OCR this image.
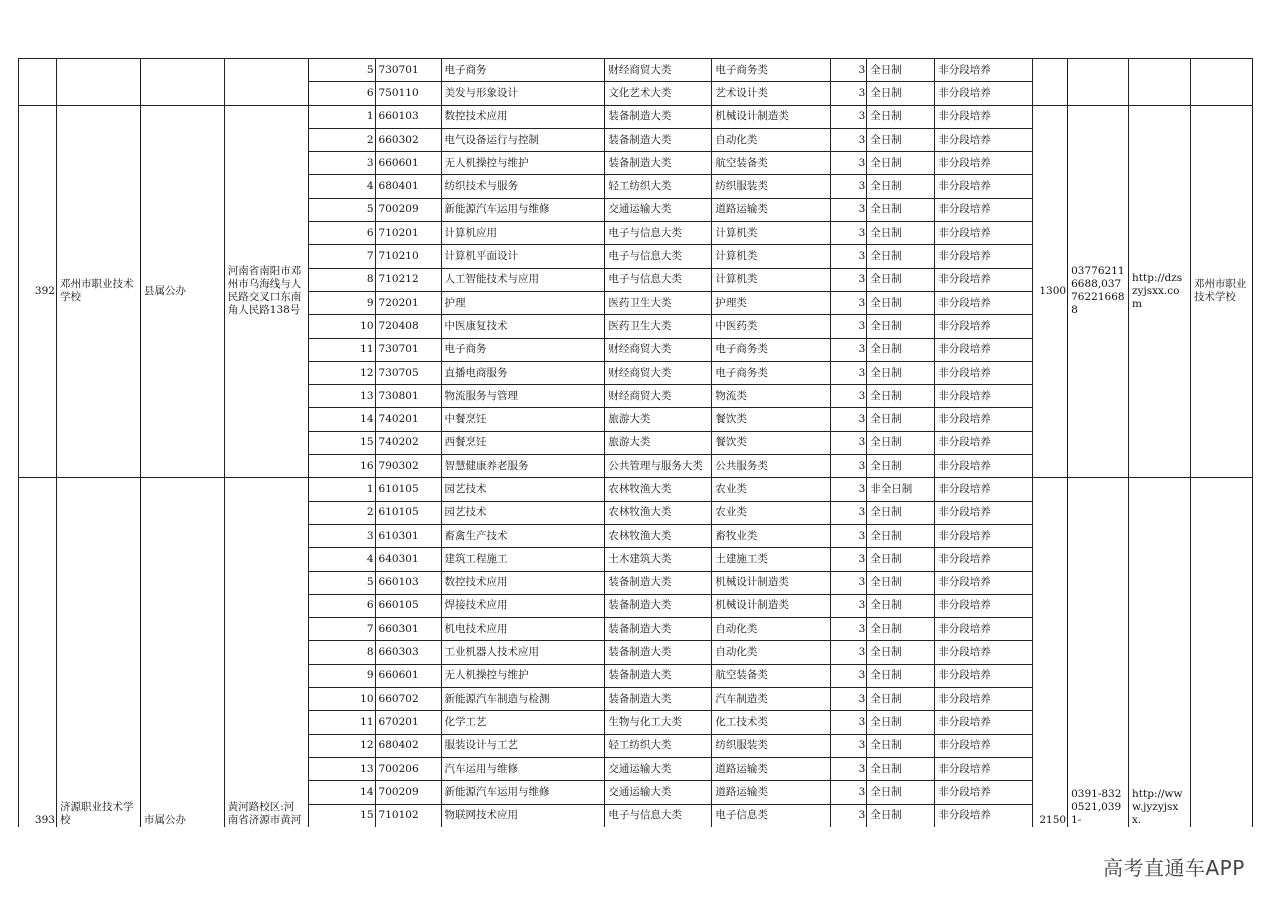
				5	730701	电子商务	财经商贸大类	电子商务类	3	全日制	非分段培养				
				6	750110	美发与形象设计	文化艺术大类	艺术设计类	3	全日制	非分段培养				
392	邓州市职业技术学校	县属公办	河南省南阳市邓州市乌海线与人民路交叉口东南角人民路138号	1	660103	数控技术应用	装备制造大类	机械设计制造类	3	全日制	非分段培养	1300	037762116688,037762216688	http://dzszyjsxx.com	邓州市职业技术学校
				2	660302	电气设备运行与控制	装备制造大类	自动化类	3	全日制	非分段培养				
				3	660601	无人机操控与维护	装备制造大类	航空装备类	3	全日制	非分段培养				
				4	680401	纺织技术与服务	轻工纺织大类	纺织服装类	3	全日制	非分段培养				
				5	700209	新能源汽车运用与维修	交通运输大类	道路运输类	3	全日制	非分段培养				
				6	710201	计算机应用	电子与信息大类	计算机类	3	全日制	非分段培养				
				7	710210	计算机平面设计	电子与信息大类	计算机类	3	全日制	非分段培养				
				8	710212	人工智能技术与应用	电子与信息大类	计算机类	3	全日制	非分段培养				
				9	720201	护理	医药卫生大类	护理类	3	全日制	非分段培养				
				10	720408	中医康复技术	医药卫生大类	中医药类	3	全日制	非分段培养				
				11	730701	电子商务	财经商贸大类	电子商务类	3	全日制	非分段培养				
				12	730705	直播电商服务	财经商贸大类	电子商务类	3	全日制	非分段培养				
				13	730801	物流服务与管理	财经商贸大类	物流类	3	全日制	非分段培养				
				14	740201	中餐烹饪	旅游大类	餐饮类	3	全日制	非分段培养				
				15	740202	西餐烹饪	旅游大类	餐饮类	3	全日制	非分段培养				
				16	790302	智慧健康养老服务	公共管理与服务大类	公共服务类	3	全日制	非分段培养				
393	济源职业技术学校	市属公办	黄河路校区:河南省济源市黄河	1	610105	园艺技术	农林牧渔大类	农业类	3	非全日制	非分段培养	2150	0391-8320521,0391-	http://www.jyzyjsxx.	
				2	610105	园艺技术	农林牧渔大类	农业类	3	全日制	非分段培养				
				3	610301	畜禽生产技术	农林牧渔大类	畜牧业类	3	全日制	非分段培养				
				4	640301	建筑工程施工	土木建筑大类	土建施工类	3	全日制	非分段培养				
				5	660103	数控技术应用	装备制造大类	机械设计制造类	3	全日制	非分段培养				
				6	660105	焊接技术应用	装备制造大类	机械设计制造类	3	全日制	非分段培养				
				7	660301	机电技术应用	装备制造大类	自动化类	3	全日制	非分段培养				
				8	660303	工业机器人技术应用	装备制造大类	自动化类	3	全日制	非分段培养				
				9	660601	无人机操控与维护	装备制造大类	航空装备类	3	全日制	非分段培养				
				10	660702	新能源汽车制造与检测	装备制造大类	汽车制造类	3	全日制	非分段培养				
				11	670201	化学工艺	生物与化工大类	化工技术类	3	全日制	非分段培养				
				12	680402	服装设计与工艺	轻工纺织大类	纺织服装类	3	全日制	非分段培养				
				13	700206	汽车运用与维修	交通运输大类	道路运输类	3	全日制	非分段培养				
				14	700209	新能源汽车运用与维修	交通运输大类	道路运输类	3	全日制	非分段培养				
				15	710102	物联网技术应用	电子与信息大类	电子信息类	3	全日制	非分段培养				
高考直通车APP
